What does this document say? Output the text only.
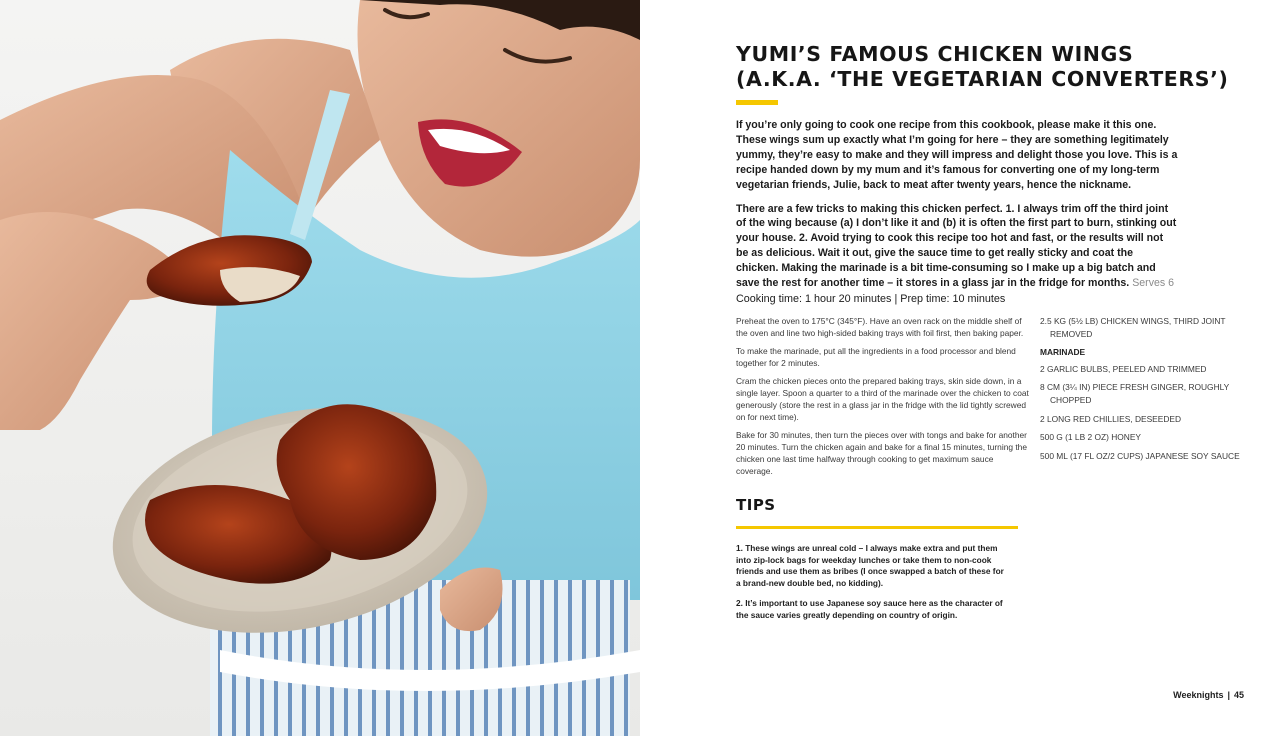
YUMI’S FAMOUS CHICKEN WINGS
(A.K.A. ‘THE VEGETARIAN CONVERTERS’)

If you’re only going to cook one recipe from this cookbook, please make it this one. These wings sum up exactly what I’m going for here – they are something legitimately yummy, they’re easy to make and they will impress and delight those you love. This is a recipe handed down by my mum and it’s famous for converting one of my long-term vegetarian friends, Julie, back to meat after twenty years, hence the nickname.

There are a few tricks to making this chicken perfect. 1. I always trim off the third joint of the wing because (a) I don’t like it and (b) it is often the first part to burn, stinking out your house. 2. Avoid trying to cook this recipe too hot and fast, or the results will not be as delicious. Wait it out, give the sauce time to get really sticky and coat the chicken. Making the marinade is a bit time-consuming so I make up a big batch and save the rest for another time – it stores in a glass jar in the fridge for months. Serves 6

Cooking time: 1 hour 20 minutes | Prep time: 10 minutes

Preheat the oven to 175°C (345°F). Have an oven rack on the middle shelf of the oven and line two high-sided baking trays with foil first, then baking paper.

To make the marinade, put all the ingredients in a food processor and blend together for 2 minutes.

Cram the chicken pieces onto the prepared baking trays, skin side down, in a single layer. Spoon a quarter to a third of the marinade over the chicken to coat generously (store the rest in a glass jar in the fridge with the lid tightly screwed on for next time).

Bake for 30 minutes, then turn the pieces over with tongs and bake for another 20 minutes. Turn the chicken again and bake for a final 15 minutes, turning the chicken one last time halfway through cooking to get maximum sauce coverage.

2.5 KG (5½ LB) CHICKEN WINGS, THIRD JOINT REMOVED
MARINADE
2 GARLIC BULBS, PEELED AND TRIMMED
8 CM (3¼ IN) PIECE FRESH GINGER, ROUGHLY CHOPPED
2 LONG RED CHILLIES, DESEEDED
500 G (1 LB 2 OZ) HONEY
500 ML (17 FL OZ/2 CUPS) JAPANESE SOY SAUCE
TIPS

1. These wings are unreal cold – I always make extra and put them into zip-lock bags for weekday lunches or take them to non-cook friends and use them as bribes (I once swapped a batch of these for a brand-new double bed, no kidding).

2. It’s important to use Japanese soy sauce here as the character of the sauce varies greatly depending on country of origin.

Weeknights | 45
